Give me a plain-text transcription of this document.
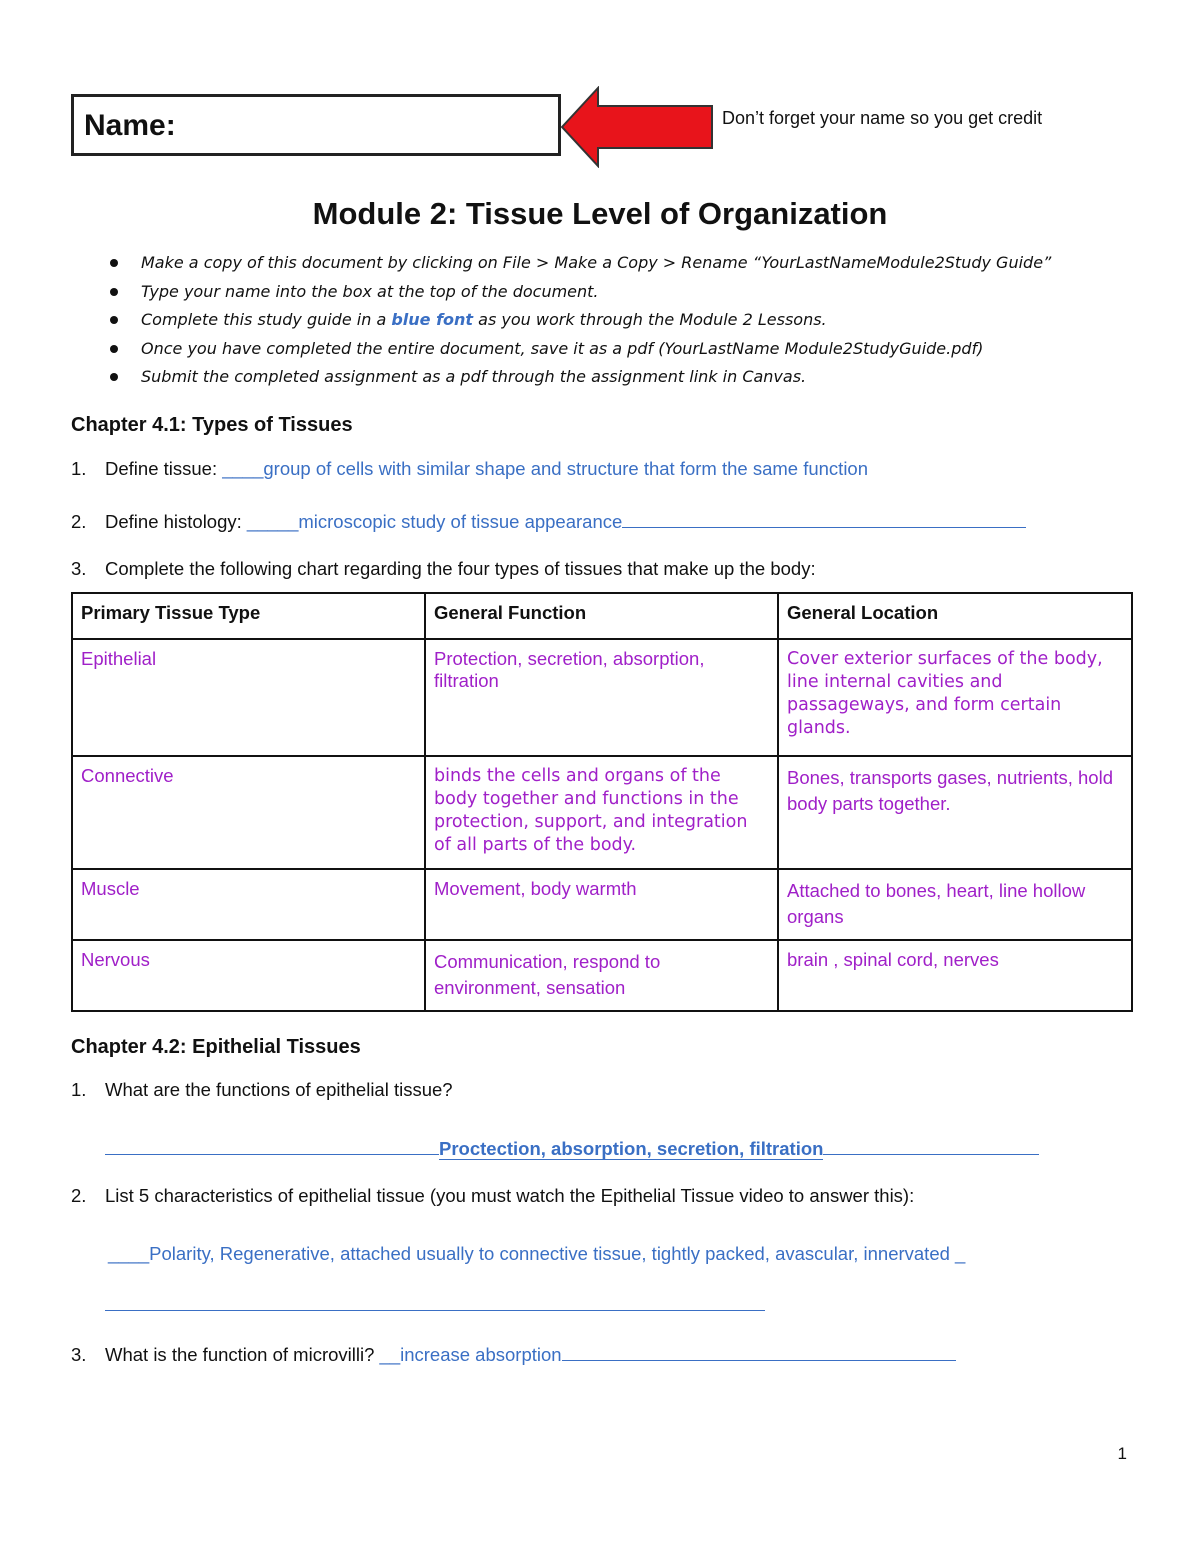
Name:	Don’t forget your name so you get credit
Module 2: Tissue Level of Organization
Make a copy of this document by clicking on File > Make a Copy > Rename “YourLastNameModule2Study Guide”
Type your name into the box at the top of the document.
Complete this study guide in a blue font as you work through the Module 2 Lessons.
Once you have completed the entire document, save it as a pdf (YourLastName Module2StudyGuide.pdf)
Submit the completed assignment as a pdf through the assignment link in Canvas.
Chapter 4.1: Types of Tissues
1. Define tissue: ____group of cells with similar shape and structure that form the same function
2. Define histology: _____microscopic study of tissue appearance
3. Complete the following chart regarding the four types of tissues that make up the body:
Primary Tissue Type	General Function	General Location
Epithelial	Protection, secretion, absorption, filtration	Cover exterior surfaces of the body, line internal cavities and passageways, and form certain glands.
Connective	binds the cells and organs of the body together and functions in the protection, support, and integration of all parts of the body.	Bones, transports gases, nutrients, hold body parts together.
Muscle	Movement, body warmth	Attached to bones, heart, line hollow organs
Nervous	Communication, respond to environment, sensation	brain , spinal cord, nerves
Chapter 4.2: Epithelial Tissues
1. What are the functions of epithelial tissue?
Proctection, absorption, secretion, filtration
2. List 5 characteristics of epithelial tissue (you must watch the Epithelial Tissue video to answer this):
____Polarity, Regenerative, attached usually to connective tissue, tightly packed, avascular, innervated _
3. What is the function of microvilli? __increase absorption
1
